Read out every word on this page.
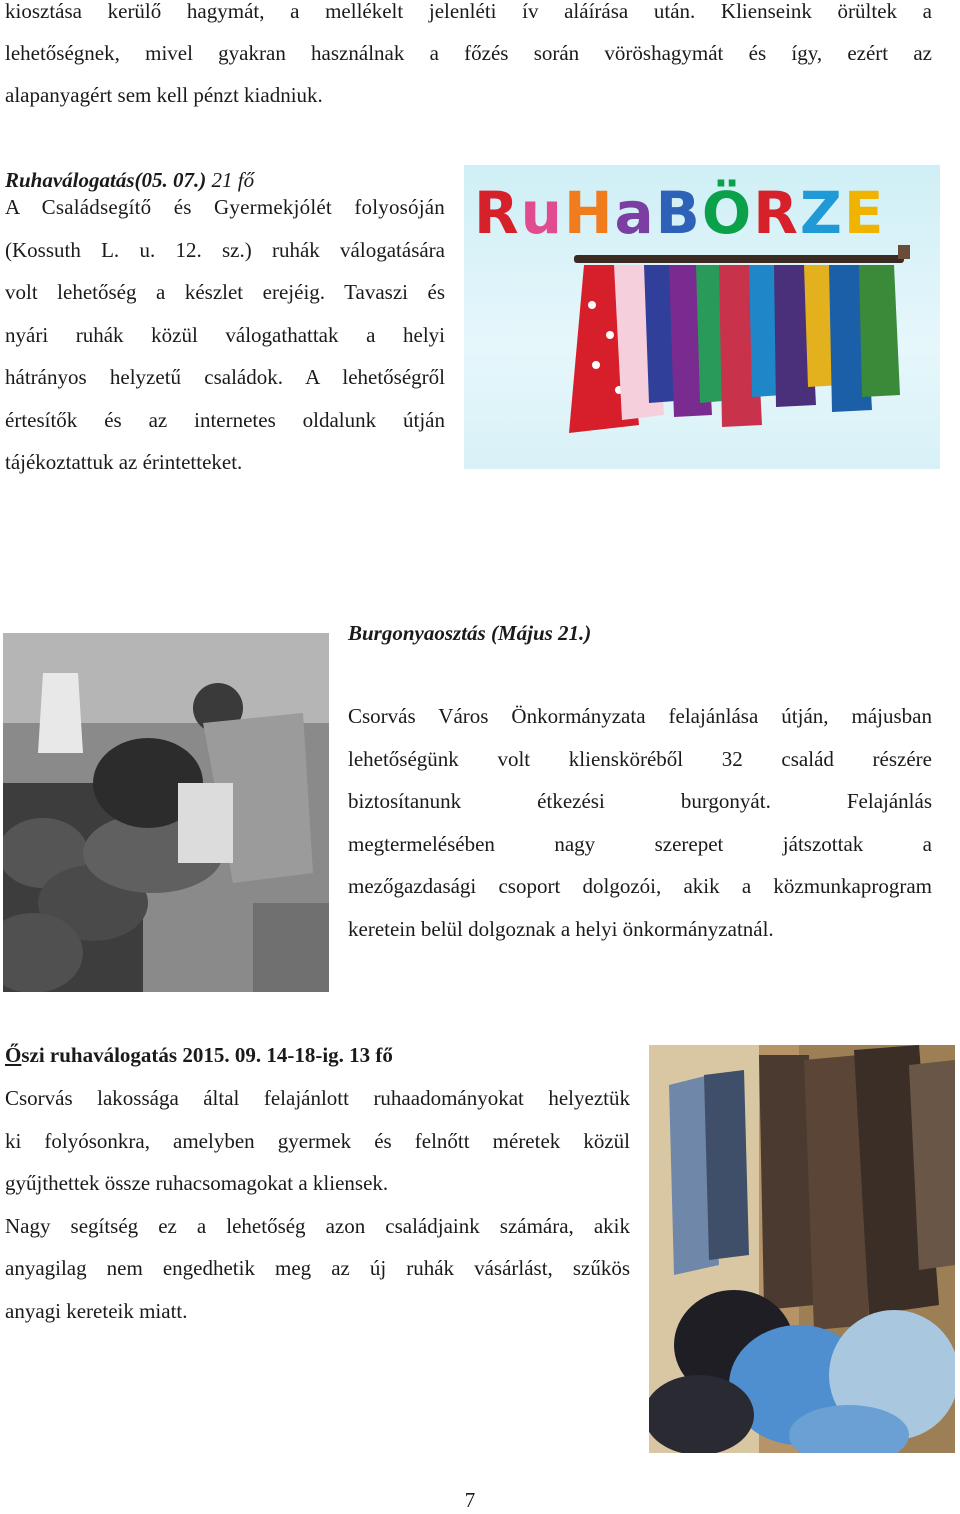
kiosztása kerülő hagymát, a mellékelt jelenléti ív aláírása után. Klienseink örültek a

lehetőségnek, mivel gyakran használnak a főzés során vöröshagymát és így, ezért az

alapanyagért sem kell pénzt kiadniuk.

Ruhaválogatás(05. 07.) 21 fő

A Családsegítő és Gyermekjólét folyosóján

(Kossuth L. u. 12. sz.) ruhák válogatására

volt lehetőség a készlet erejéig. Tavaszi és

nyári ruhák közül válogathattak a helyi

hátrányos helyzetű családok. A lehetőségről

értesítők és az internetes oldalunk útján

tájékoztattuk az érintetteket.

RuHaBÖRZE
Burgonyaosztás (Május 21.)

Csorvás Város Önkormányzata felajánlása útján, májusban

lehetőségünk volt kliensköréből 32 család részére

biztosítanunk étkezési burgonyát. Felajánlás

megtermelésében nagy szerepet játszottak a

mezőgazdasági csoport dolgozói, akik a közmunkaprogram

keretein belül dolgoznak a helyi önkormányzatnál.

Őszi ruhaválogatás 2015. 09. 14-18-ig. 13 fő

Csorvás lakossága által felajánlott ruhaadományokat helyeztük

ki folyósonkra, amelyben gyermek és felnőtt méretek közül

gyűjthettek össze ruhacsomagokat a kliensek.

Nagy segítség ez a lehetőség azon családjaink számára, akik

anyagilag nem engedhetik meg az új ruhák vásárlást, szűkös

anyagi kereteik miatt.

7
